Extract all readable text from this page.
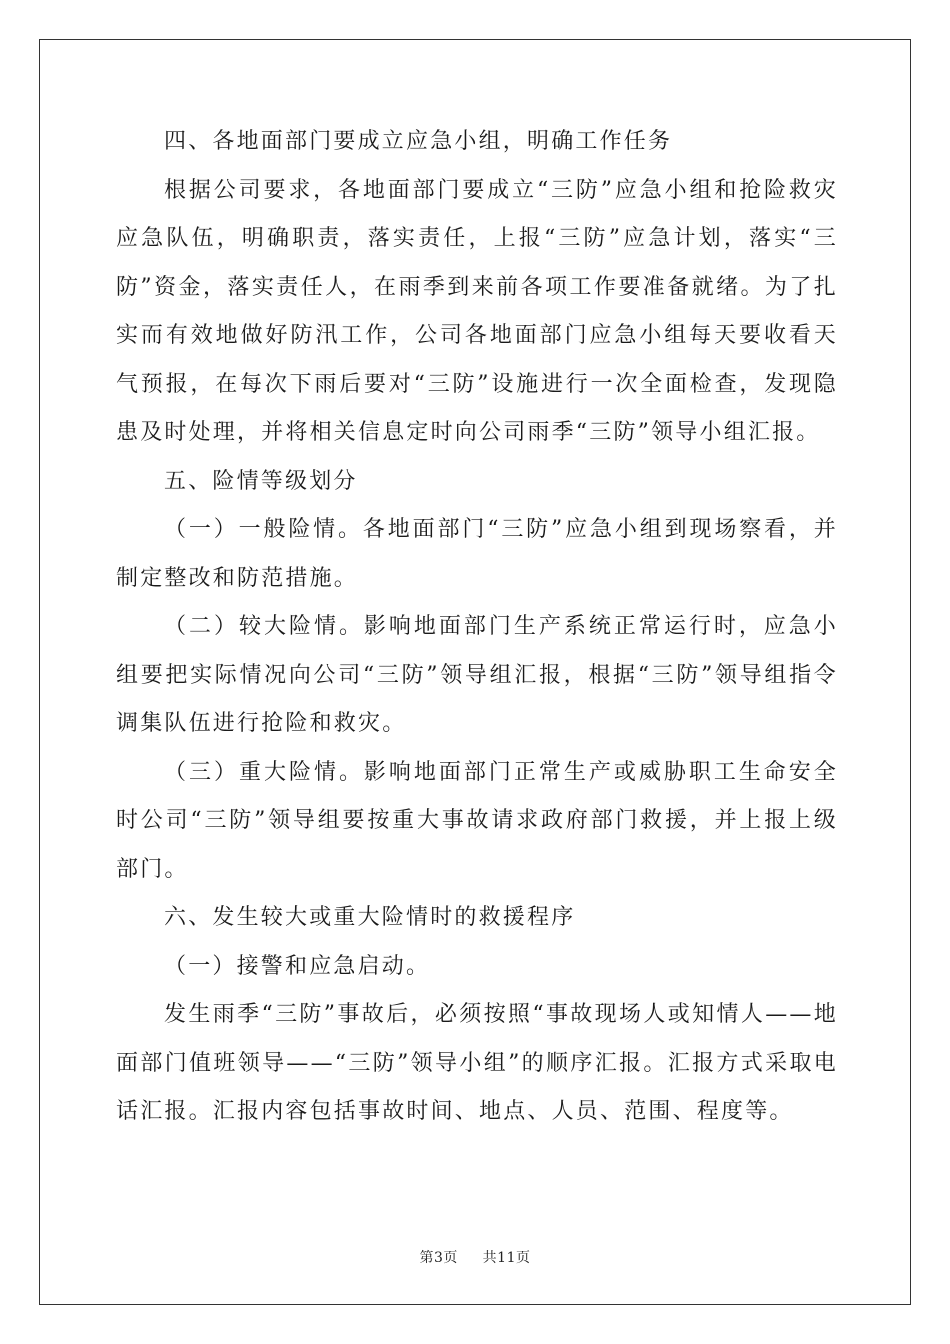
四、各地面部门要成立应急小组，明确工作任务

根据公司要求，各地面部门要成立“三防”应急小组和抢险救灾应急队伍，明确职责，落实责任，上报“三防”应急计划，落实“三防”资金，落实责任人，在雨季到来前各项工作要准备就绪。为了扎实而有效地做好防汛工作，公司各地面部门应急小组每天要收看天气预报，在每次下雨后要对“三防”设施进行一次全面检查，发现隐患及时处理，并将相关信息定时向公司雨季“三防”领导小组汇报。

五、险情等级划分

（一）一般险情。各地面部门“三防”应急小组到现场察看，并制定整改和防范措施。

（二）较大险情。影响地面部门生产系统正常运行时，应急小组要把实际情况向公司“三防”领导组汇报，根据“三防”领导组指令调集队伍进行抢险和救灾。

（三）重大险情。影响地面部门正常生产或威胁职工生命安全时公司“三防”领导组要按重大事故请求政府部门救援，并上报上级部门。

六、发生较大或重大险情时的救援程序

（一）接警和应急启动。

发生雨季“三防”事故后，必须按照“事故现场人或知情人——地面部门值班领导——“三防”领导小组”的顺序汇报。汇报方式采取电话汇报。汇报内容包括事故时间、地点、人员、范围、程度等。

第3页 共11页
